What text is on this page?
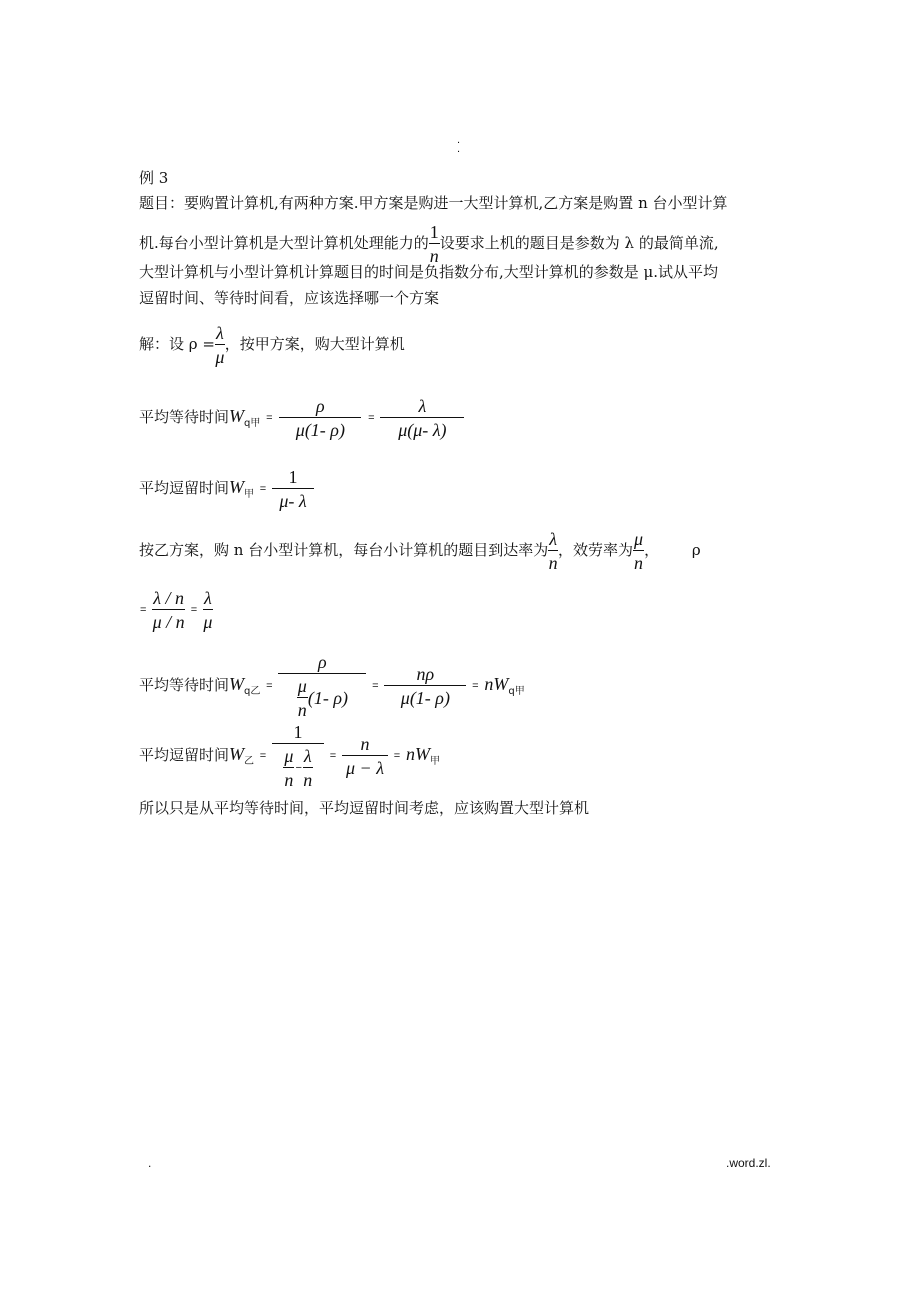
.
.
例 3
题目：要购置计算机,有两种方案.甲方案是购进一大型计算机,乙方案是购置 n 台小型计算
机.每台小型计算机是大型计算机处理能力的 $\frac{1}{n}$ 设要求上机的题目是参数为 λ 的最简单流,
大型计算机与小型计算机计算题目的时间是负指数分布,大型计算机的参数是 μ.试从平均
逗留时间、等待时间看，应该选择哪一个方案
解：设 $\rho = \frac{\lambda}{\mu}$ ，按甲方案，购大型计算机
平均等待时间$W_{q甲} = \frac{\rho}{\mu(1- \rho)} = \frac{\lambda}{\mu(\mu- \lambda)}$
平均逗留时间$W_甲 = \frac{1}{\mu- \lambda}$
按乙方案，购 n 台小型计算机，每台小计算机的题目到达率为 $\frac{\lambda}{n}$ ，效劳率为 $\frac{\mu}{n}$ ， ρ
= $\frac{\lambda / n}{\mu / n} = \frac{\lambda}{\mu}$
平均等待时间$W_{q乙} = \frac{\rho}{\frac{\mu}{n} (1- \rho)} = \frac{n\rho}{\mu(1- \rho)} = nW_{q甲}$
平均逗留时间$W_乙 = \frac{1}{\frac{\mu}{n} - \frac{\lambda}{n}} = \frac{n}{\mu - \lambda} = nW_甲$
所以只是从平均等待时间，平均逗留时间考虑，应该购置大型计算机
.	.word.zl.
